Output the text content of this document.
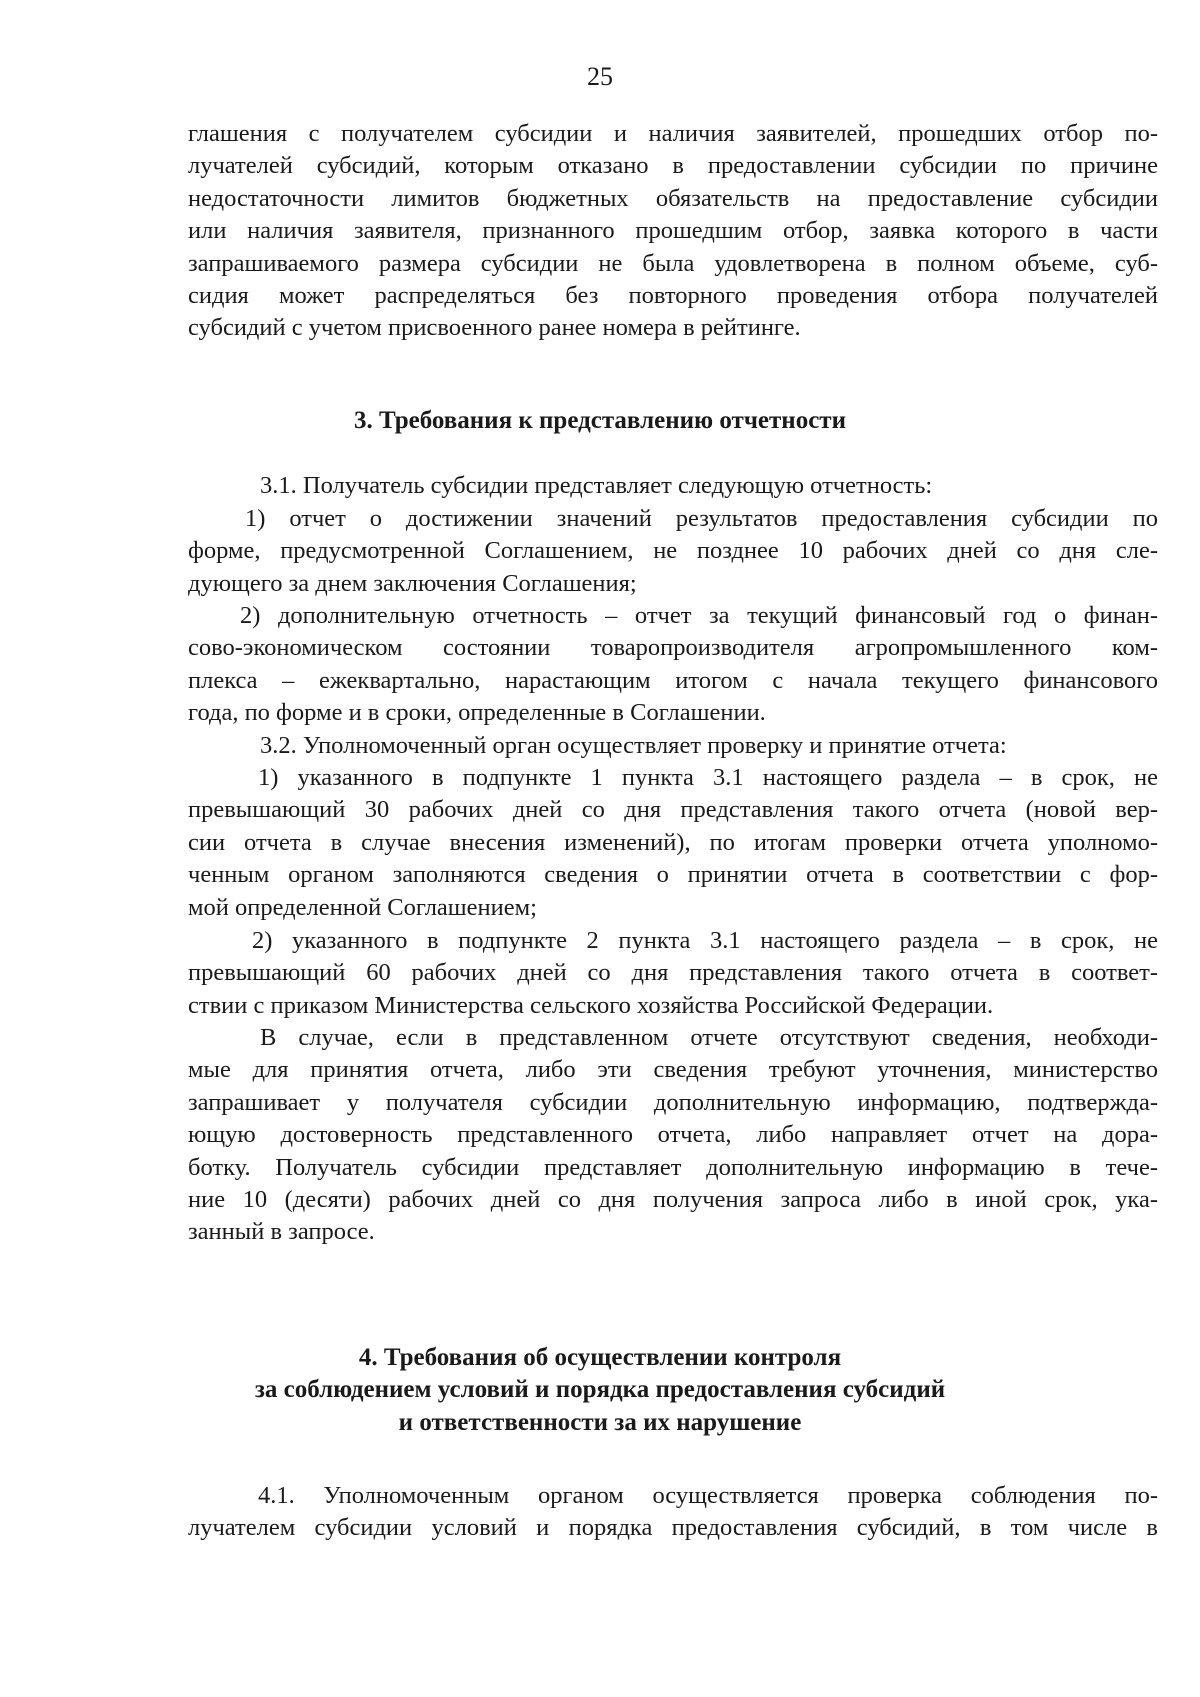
25
глашения с получателем субсидии и наличия заявителей, прошедших отбор по-
лучателей субсидий, которым отказано в предоставлении субсидии по причине
недостаточности лимитов бюджетных обязательств на предоставление субсидии
или наличия заявителя, признанного прошедшим отбор, заявка которого в части
запрашиваемого размера субсидии не была удовлетворена в полном объеме, суб-
сидия может распределяться без повторного проведения отбора получателей
субсидий с учетом присвоенного ранее номера в рейтинге.
3. Требования к представлению отчетности
3.1. Получатель субсидии представляет следующую отчетность:
1) отчет о достижении значений результатов предоставления субсидии по
форме, предусмотренной Соглашением, не позднее 10 рабочих дней со дня сле-
дующего за днем заключения Соглашения;
2) дополнительную отчетность – отчет за текущий финансовый год о финан-
сово-экономическом состоянии товаропроизводителя агропромышленного ком-
плекса – ежеквартально, нарастающим итогом с начала текущего финансового
года, по форме и в сроки, определенные в Соглашении.
3.2. Уполномоченный орган осуществляет проверку и принятие отчета:
1) указанного в подпункте 1 пункта 3.1 настоящего раздела – в срок, не
превышающий 30 рабочих дней со дня представления такого отчета (новой вер-
сии отчета в случае внесения изменений), по итогам проверки отчета уполномо-
ченным органом заполняются сведения о принятии отчета в соответствии с фор-
мой определенной Соглашением;
2) указанного в подпункте 2 пункта 3.1 настоящего раздела – в срок, не
превышающий 60 рабочих дней со дня представления такого отчета в соответ-
ствии с приказом Министерства сельского хозяйства Российской Федерации.
В случае, если в представленном отчете отсутствуют сведения, необходи-
мые для принятия отчета, либо эти сведения требуют уточнения, министерство
запрашивает у получателя субсидии дополнительную информацию, подтвержда-
ющую достоверность представленного отчета, либо направляет отчет на дора-
ботку. Получатель субсидии представляет дополнительную информацию в тече-
ние 10 (десяти) рабочих дней со дня получения запроса либо в иной срок, ука-
занный в запросе.
4. Требования об осуществлении контроля
за соблюдением условий и порядка предоставления субсидий
и ответственности за их нарушение
4.1. Уполномоченным органом осуществляется проверка соблюдения по-
лучателем субсидии условий и порядка предоставления субсидий, в том числе в
